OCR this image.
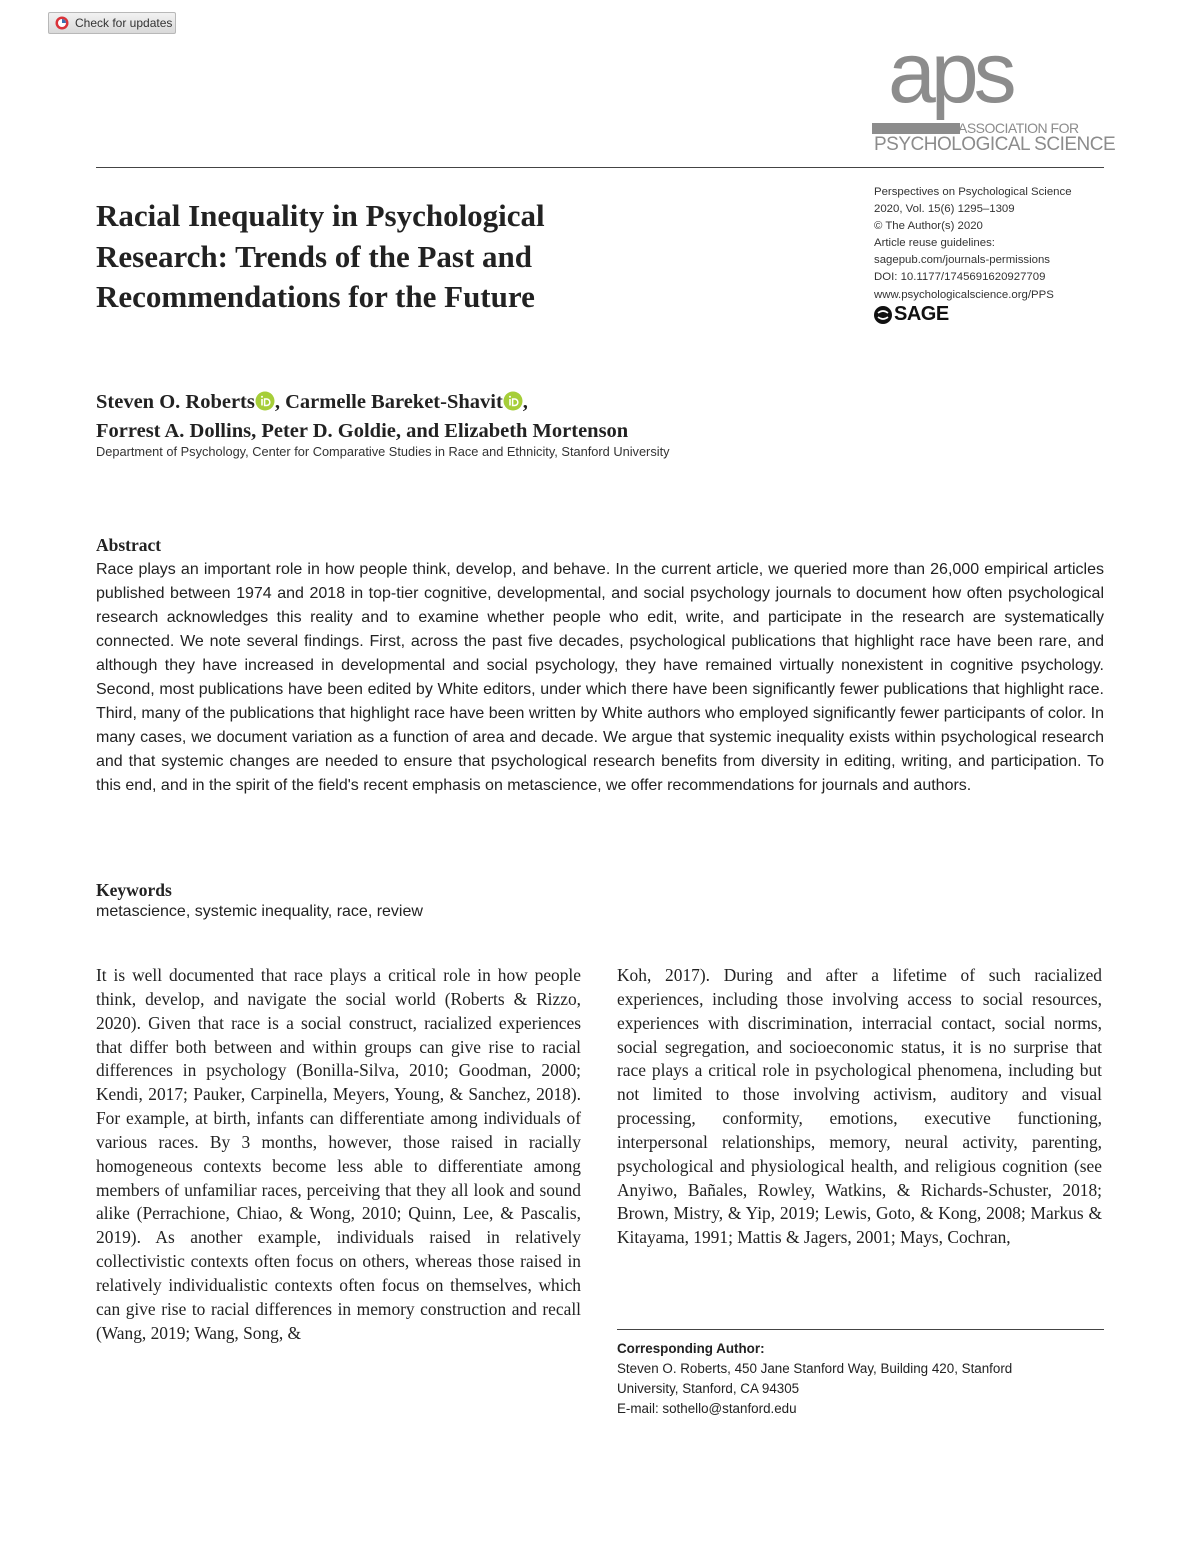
Check for updates
aps
ASSOCIATION FOR
PSYCHOLOGICAL SCIENCE
Racial Inequality in Psychological
Research: Trends of the Past and
Recommendations for the Future
Perspectives on Psychological Science
2020, Vol. 15(6) 1295–1309
© The Author(s) 2020
Article reuse guidelines:
sagepub.com/journals-permissions
DOI: 10.1177/1745691620927709
www.psychologicalscience.org/PPS
SAGE
Steven O. Roberts , Carmelle Bareket-Shavit ,
Forrest A. Dollins, Peter D. Goldie, and Elizabeth Mortenson
Department of Psychology, Center for Comparative Studies in Race and Ethnicity, Stanford University
Abstract
Race plays an important role in how people think, develop, and behave. In the current article, we queried more than 26,000 empirical articles published between 1974 and 2018 in top-tier cognitive, developmental, and social psychology journals to document how often psychological research acknowledges this reality and to examine whether people who edit, write, and participate in the research are systematically connected. We note several findings. First, across the past five decades, psychological publications that highlight race have been rare, and although they have increased in developmental and social psychology, they have remained virtually nonexistent in cognitive psychology. Second, most publications have been edited by White editors, under which there have been significantly fewer publications that highlight race. Third, many of the publications that highlight race have been written by White authors who employed significantly fewer participants of color. In many cases, we document variation as a function of area and decade. We argue that systemic inequality exists within psychological research and that systemic changes are needed to ensure that psychological research benefits from diversity in editing, writing, and participation. To this end, and in the spirit of the field's recent emphasis on metascience, we offer recommendations for journals and authors.
Keywords
metascience, systemic inequality, race, review
It is well documented that race plays a critical role in how people think, develop, and navigate the social world (Roberts & Rizzo, 2020). Given that race is a social construct, racialized experiences that differ both between and within groups can give rise to racial differences in psychology (Bonilla-Silva, 2010; Goodman, 2000; Kendi, 2017; Pauker, Carpinella, Meyers, Young, & Sanchez, 2018). For example, at birth, infants can differentiate among individuals of various races. By 3 months, however, those raised in racially homogeneous contexts become less able to differentiate among members of unfamiliar races, perceiving that they all look and sound alike (Perrachione, Chiao, & Wong, 2010; Quinn, Lee, & Pascalis, 2019). As another example, individuals raised in relatively collectivistic contexts often focus on others, whereas those raised in relatively individualistic contexts often focus on themselves, which can give rise to racial differences in memory construction and recall (Wang, 2019; Wang, Song, &
Koh, 2017). During and after a lifetime of such racialized experiences, including those involving access to social resources, experiences with discrimination, interracial contact, social norms, social segregation, and socioeconomic status, it is no surprise that race plays a critical role in psychological phenomena, including but not limited to those involving activism, auditory and visual processing, conformity, emotions, executive functioning, interpersonal relationships, memory, neural activity, parenting, psychological and physiological health, and religious cognition (see Anyiwo, Bañales, Rowley, Watkins, & Richards-Schuster, 2018; Brown, Mistry, & Yip, 2019; Lewis, Goto, & Kong, 2008; Markus & Kitayama, 1991; Mattis & Jagers, 2001; Mays, Cochran,
Corresponding Author:
Steven O. Roberts, 450 Jane Stanford Way, Building 420, Stanford
University, Stanford, CA 94305
E-mail: sothello@stanford.edu
